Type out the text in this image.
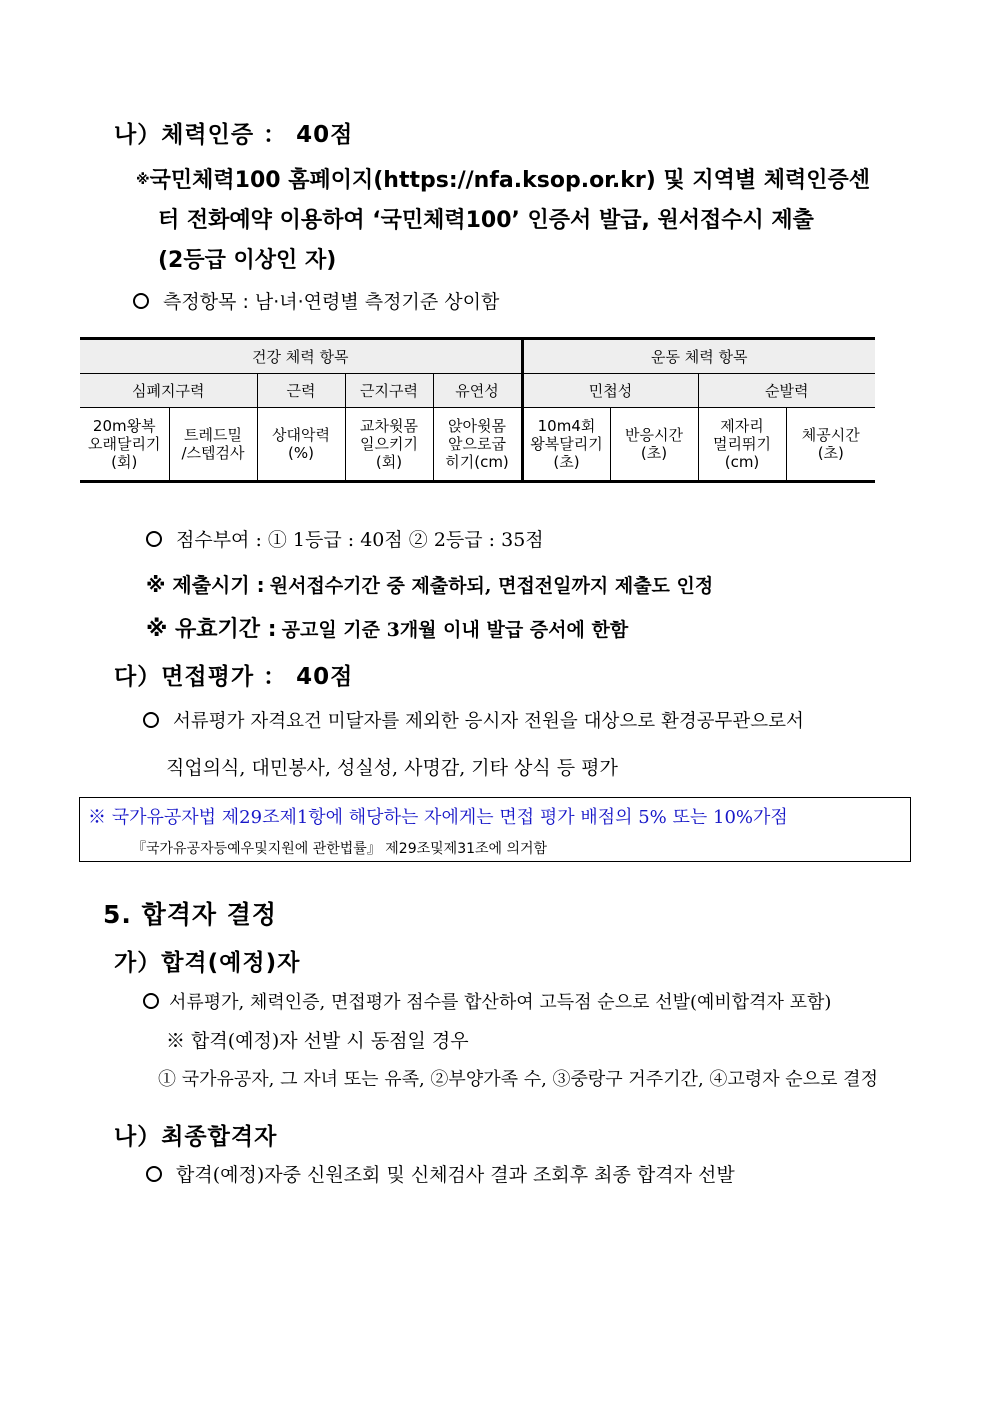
나）체력인증 ： 40점
※국민체력100 홈페이지(https://nfa.ksop.or.kr) 및 지역별 체력인증센
터 전화예약 이용하여 ‘국민체력100’ 인증서 발급, 원서접수시 제출
(2등급 이상인 자)
측정항목 : 남·녀·연령별 측정기준 상이함
건강 체력 항목					운동 체력 항목			
심폐지구력		근력	근지구력	유연성	민첩성		순발력	
20m왕복
오래달리기
(회)	트레드밀
/스텝검사	상대악력
(%)	교차윗몸
일으키기
(회)	앉아윗몸
앞으로굽
히기(cm)	10m4회
왕복달리기
(초)	반응시간
(초)	제자리
멀리뛰기
(cm)	체공시간
(초)
점수부여 : ① 1등급 : 40점 ② 2등급 : 35점
※ 제출시기 : 원서접수기간 중 제출하되, 면접전일까지 제출도 인정
※ 유효기간 : 공고일 기준 3개월 이내 발급 증서에 한함
다）면접평가 ： 40점
서류평가 자격요건 미달자를 제외한 응시자 전원을 대상으로 환경공무관으로서
직업의식, 대민봉사, 성실성, 사명감, 기타 상식 등 평가
※ 국가유공자법 제29조제1항에 해당하는 자에게는 면접 평가 배점의 5% 또는 10%가점
『국가유공자등예우및지원에 관한법률』 제29조및제31조에 의거함
5. 합격자 결정
가）합격(예정)자
서류평가, 체력인증, 면접평가 점수를 합산하여 고득점 순으로 선발(예비합격자 포함)
※ 합격(예정)자 선발 시 동점일 경우
① 국가유공자, 그 자녀 또는 유족, ②부양가족 수, ③중랑구 거주기간, ④고령자 순으로 결정
나）최종합격자
합격(예정)자중 신원조회 및 신체검사 결과 조회후 최종 합격자 선발
